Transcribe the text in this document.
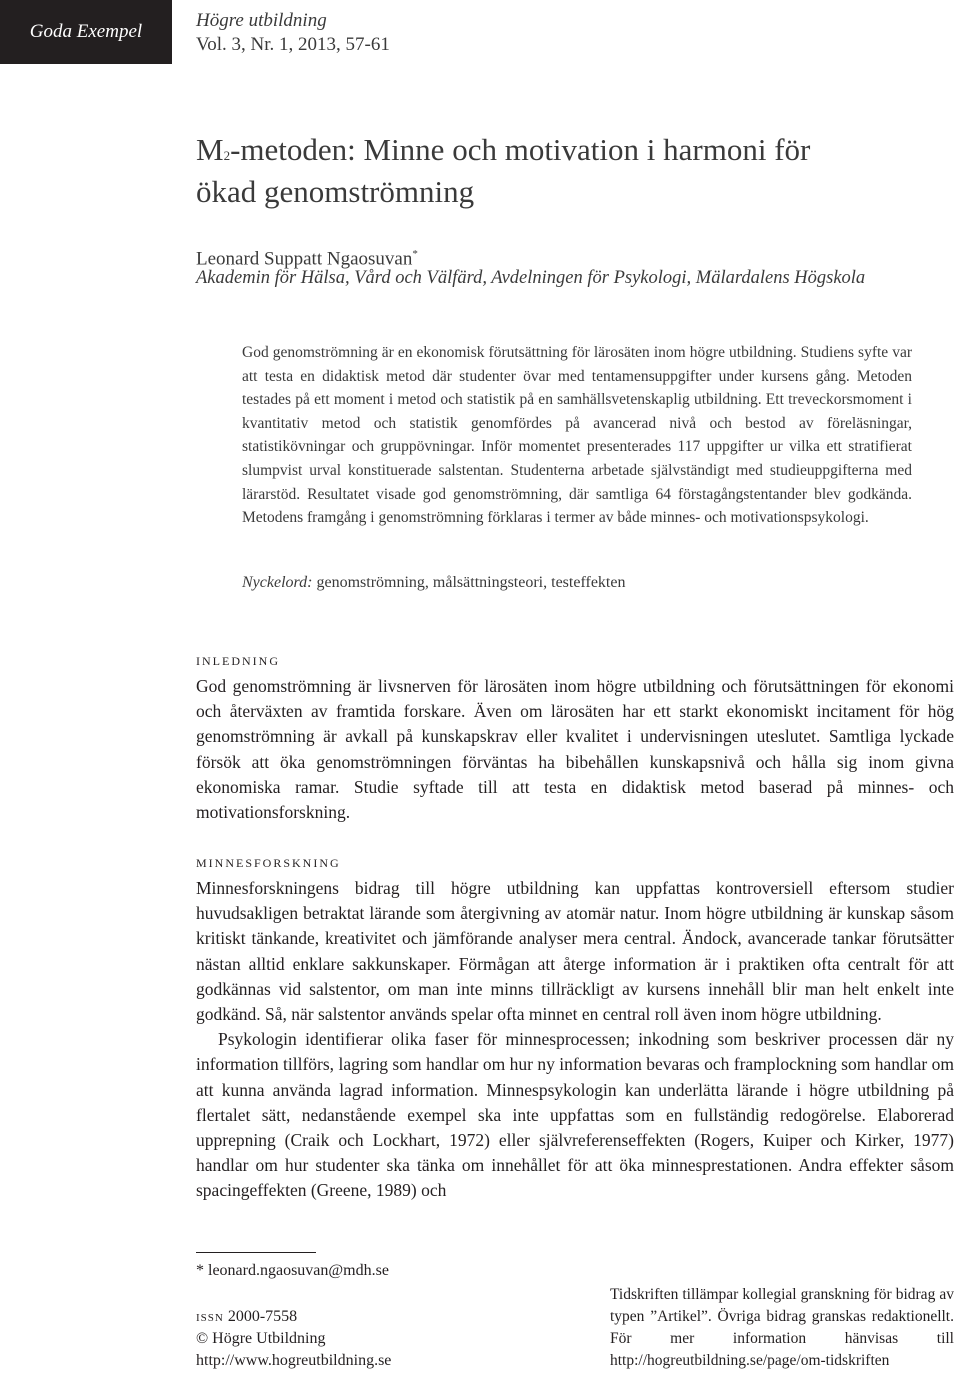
Goda Exempel
Högre utbildning
Vol. 3, Nr. 1, 2013, 57-61
$M^2$-metoden: Minne och motivation i harmoni för
ökad genomströmning
Leonard Suppatt Ngaosuvan*
Akademin för Hälsa, Vård och Välfärd, Avdelningen för Psykologi, Mälardalens Högskola
God genomströmning är en ekonomisk förutsättning för lärosäten inom högre utbildning. Studiens syfte var att testa en didaktisk metod där studenter övar med tentamensuppgifter under kursens gång. Metoden testades på ett moment i metod och statistik på en samhällsvetenskaplig utbildning. Ett treveckorsmoment i kvantitativ metod och statistik genomfördes på avancerad nivå och bestod av föreläsningar, statistikövningar och gruppövningar. Inför momentet presenterades 117 uppgifter ur vilka ett stratifierat slumpvist urval konstituerade salstentan. Studenterna arbetade självständigt med studieuppgifterna med lärarstöd. Resultatet visade god genomströmning, där samtliga 64 förstagångstentander blev godkända. Metodens framgång i genomströmning förklaras i termer av både minnes- och motivationspsykologi.
Nyckelord: genomströmning, målsättningsteori, testeffekten
inledning
God genomströmning är livsnerven för lärosäten inom högre utbildning och förutsättningen för ekonomi och återväxten av framtida forskare. Även om lärosäten har ett starkt ekonomiskt incitament för hög genomströmning är avkall på kunskapskrav eller kvalitet i undervisningen uteslutet. Samtliga lyckade försök att öka genomströmningen förväntas ha bibehållen kunskapsnivå och hålla sig inom givna ekonomiska ramar. Studie syftade till att testa en didaktisk metod baserad på minnes- och motivationsforskning.
minnesforskning
Minnesforskningens bidrag till högre utbildning kan uppfattas kontroversiell eftersom studier huvudsakligen betraktat lärande som återgivning av atomär natur. Inom högre utbildning är kunskap såsom kritiskt tänkande, kreativitet och jämförande analyser mera central. Ändock, avancerade tankar förutsätter nästan alltid enklare sakkunskaper. Förmågan att återge information är i praktiken ofta centralt för att godkännas vid salstentor, om man inte minns tillräckligt av kursens innehåll blir man helt enkelt inte godkänd. Så, när salstentor används spelar ofta minnet en central roll även inom högre utbildning.
Psykologin identifierar olika faser för minnesprocessen; inkodning som beskriver processen där ny information tillförs, lagring som handlar om hur ny information bevaras och framplockning som handlar om att kunna använda lagrad information. Minnespsykologin kan underlätta lärande i högre utbildning på flertalet sätt, nedanstående exempel ska inte uppfattas som en fullständig redogörelse. Elaborerad upprepning (Craik och Lockhart, 1972) eller självreferenseffekten (Rogers, Kuiper och Kirker, 1977) handlar om hur studenter ska tänka om innehållet för att öka minnesprestationen. Andra effekter såsom spacingeffekten (Greene, 1989) och
* leonard.ngaosuvan@mdh.se
issn 2000-7558
© Högre Utbildning
http://www.hogreutbildning.se
Tidskriften tillämpar kollegial granskning för bidrag av typen ”Artikel”. Övriga bidrag granskas redaktionellt. För mer information hänvisas till http://hogreutbildning.se/page/om-tidskriften
